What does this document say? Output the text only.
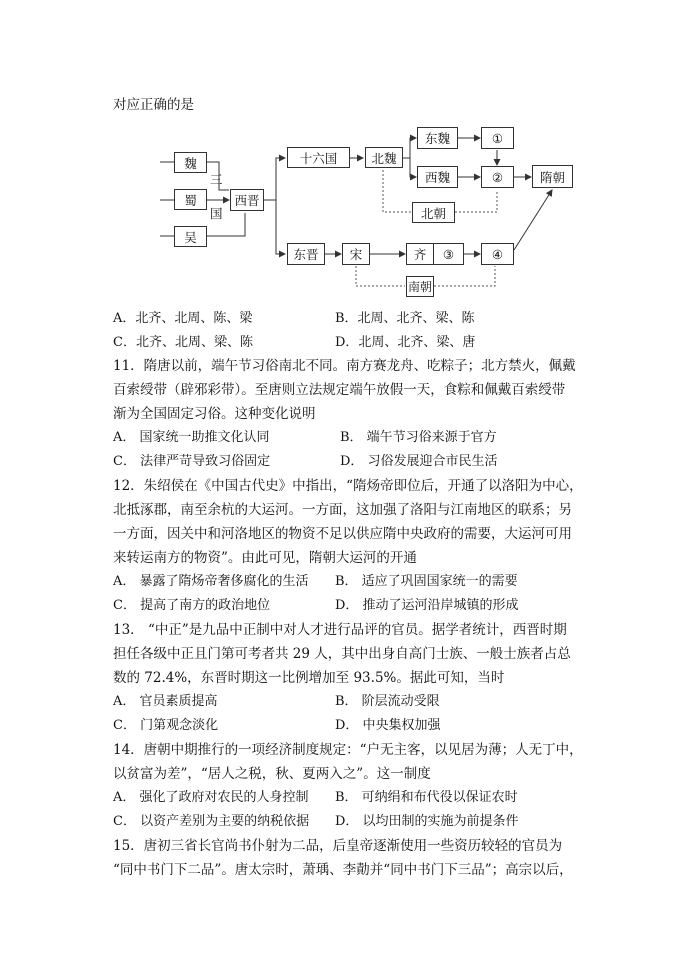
对应正确的是
魏
蜀
吴
三
国
西晋
十六国	北魏
东魏
西魏
①
②	隋朝
北朝
东晋	宋	齐	③	④
南朝
A．北齐、北周、陈、梁	B．北周、北齐、梁、陈
C．北齐、北周、梁、陈	D．北周、北齐、梁、唐
11．隋唐以前，端午节习俗南北不同。南方赛龙舟、吃粽子；北方禁火，佩戴
百索绶带（辟邪彩带）。至唐则立法规定端午放假一天，食粽和佩戴百索绶带
渐为全国固定习俗。这种变化说明
A． 国家统一助推文化认同	B． 端午节习俗来源于官方
C． 法律严苛导致习俗固定	D． 习俗发展迎合市民生活
12．朱绍侯在《中国古代史》中指出，“隋炀帝即位后，开通了以洛阳为中心，
北抵涿郡，南至余杭的大运河。一方面，这加强了洛阳与江南地区的联系；另
一方面，因关中和河洛地区的物资不足以供应隋中央政府的需要，大运河可用
来转运南方的物资”。由此可见，隋朝大运河的开通
A． 暴露了隋炀帝奢侈腐化的生活 B． 适应了巩固国家统一的需要
C． 提高了南方的政治地位	D． 推动了运河沿岸城镇的形成
13． “中正”是九品中正制中对人才进行品评的官员。据学者统计，西晋时期
担任各级中正且门第可考者共 29 人，其中出身自高门士族、一般士族者占总
数的 72.4%，东晋时期这一比例增加至 93.5%。据此可知，当时
A． 官员素质提高	B． 阶层流动受限
C． 门第观念淡化	D． 中央集权加强
14．唐朝中期推行的一项经济制度规定：“户无主客，以见居为薄；人无丁中，
以贫富为差”，“居人之税，秋、夏两入之”。这一制度
A． 强化了政府对农民的人身控制 B． 可纳绢和布代役以保证农时
C． 以资产差别为主要的纳税依据 D． 以均田制的实施为前提条件
15．唐初三省长官尚书仆射为二品，后皇帝逐渐使用一些资历较轻的官员为
“同中书门下二品”。唐太宗时，萧瑀、李勣并“同中书门下三品”；高宗以后，
